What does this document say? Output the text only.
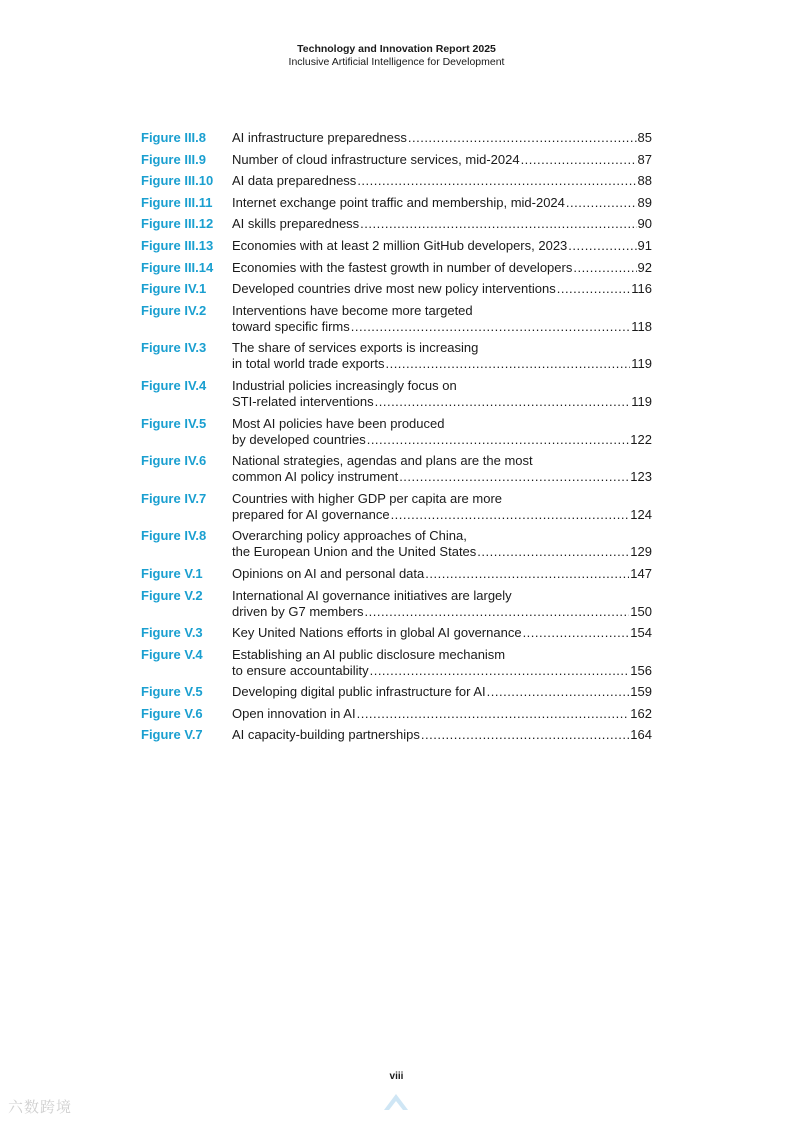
Technology and Innovation Report 2025
Inclusive Artificial Intelligence for Development
Figure III.8	AI infrastructure preparedness .....	85
Figure III.9	Number of cloud infrastructure services, mid-2024 .....	87
Figure III.10	AI data preparedness .....	88
Figure III.11	Internet exchange point traffic and membership, mid-2024 .....	89
Figure III.12	AI skills preparedness .....	90
Figure III.13	Economies with at least 2 million GitHub developers, 2023 .....	91
Figure III.14	Economies with the fastest growth in number of developers .....	92
Figure IV.1	Developed countries drive most new policy interventions .....	116
Figure IV.2	Interventions have become more targeted
toward specific firms .....	118
Figure IV.3	The share of services exports is increasing
in total world trade exports .....	119
Figure IV.4	Industrial policies increasingly focus on
STI-related interventions .....	119
Figure IV.5	Most AI policies have been produced
by developed countries .....	122
Figure IV.6	National strategies, agendas and plans are the most
common AI policy instrument .....	123
Figure IV.7	Countries with higher GDP per capita are more
prepared for AI governance .....	124
Figure IV.8	Overarching policy approaches of China,
the European Union and the United States .....	129
Figure V.1	Opinions on AI and personal data .....	147
Figure V.2	International AI governance initiatives are largely
driven by G7 members .....	150
Figure V.3	Key United Nations efforts in global AI governance .....	154
Figure V.4	Establishing an AI public disclosure mechanism
to ensure accountability .....	156
Figure V.5	Developing digital public infrastructure for AI .....	159
Figure V.6	Open innovation in AI .....	162
Figure V.7	AI capacity-building partnerships .....	164
viii
六数跨境
